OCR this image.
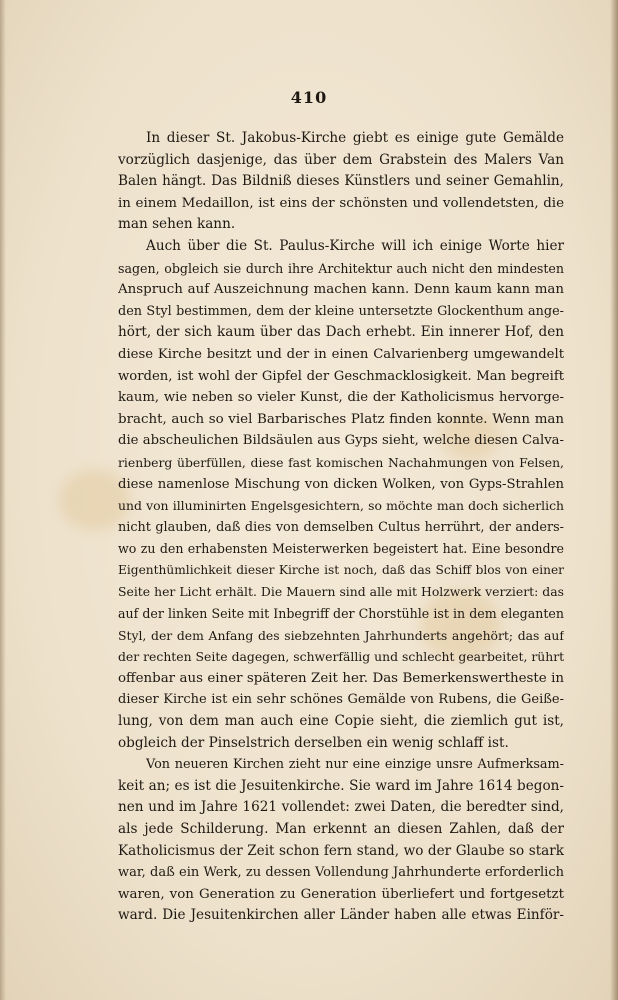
410
In dieser St. Jakobus-Kirche giebt es einige gute Gemälde
vorzüglich dasjenige, das über dem Grabstein des Malers Van
Balen hängt. Das Bildniß dieses Künstlers und seiner Gemahlin,
in einem Medaillon, ist eins der schönsten und vollendetsten, die
man sehen kann.
Auch über die St. Paulus-Kirche will ich einige Worte hier
sagen, obgleich sie durch ihre Architektur auch nicht den mindesten
Anspruch auf Auszeichnung machen kann. Denn kaum kann man
den Styl bestimmen, dem der kleine untersetzte Glockenthum ange-
hört, der sich kaum über das Dach erhebt. Ein innerer Hof, den
diese Kirche besitzt und der in einen Calvarienberg umgewandelt
worden, ist wohl der Gipfel der Geschmacklosigkeit. Man begreift
kaum, wie neben so vieler Kunst, die der Katholicismus hervorge-
bracht, auch so viel Barbarisches Platz finden konnte. Wenn man
die abscheulichen Bildsäulen aus Gyps sieht, welche diesen Calva-
rienberg überfüllen, diese fast komischen Nachahmungen von Felsen,
diese namenlose Mischung von dicken Wolken, von Gyps-Strahlen
und von illuminirten Engelsgesichtern, so möchte man doch sicherlich
nicht glauben, daß dies von demselben Cultus herrührt, der anders-
wo zu den erhabensten Meisterwerken begeistert hat. Eine besondre
Eigenthümlichkeit dieser Kirche ist noch, daß das Schiff blos von einer
Seite her Licht erhält. Die Mauern sind alle mit Holzwerk verziert: das
auf der linken Seite mit Inbegriff der Chorstühle ist in dem eleganten
Styl, der dem Anfang des siebzehnten Jahrhunderts angehört; das auf
der rechten Seite dagegen, schwerfällig und schlecht gearbeitet, rührt
offenbar aus einer späteren Zeit her. Das Bemerkenswertheste in
dieser Kirche ist ein sehr schönes Gemälde von Rubens, die Geiße-
lung, von dem man auch eine Copie sieht, die ziemlich gut ist,
obgleich der Pinselstrich derselben ein wenig schlaff ist.
Von neueren Kirchen zieht nur eine einzige unsre Aufmerksam-
keit an; es ist die Jesuitenkirche. Sie ward im Jahre 1614 begon-
nen und im Jahre 1621 vollendet: zwei Daten, die beredter sind,
als jede Schilderung. Man erkennt an diesen Zahlen, daß der
Katholicismus der Zeit schon fern stand, wo der Glaube so stark
war, daß ein Werk, zu dessen Vollendung Jahrhunderte erforderlich
waren, von Generation zu Generation überliefert und fortgesetzt
ward. Die Jesuitenkirchen aller Länder haben alle etwas Einför-
